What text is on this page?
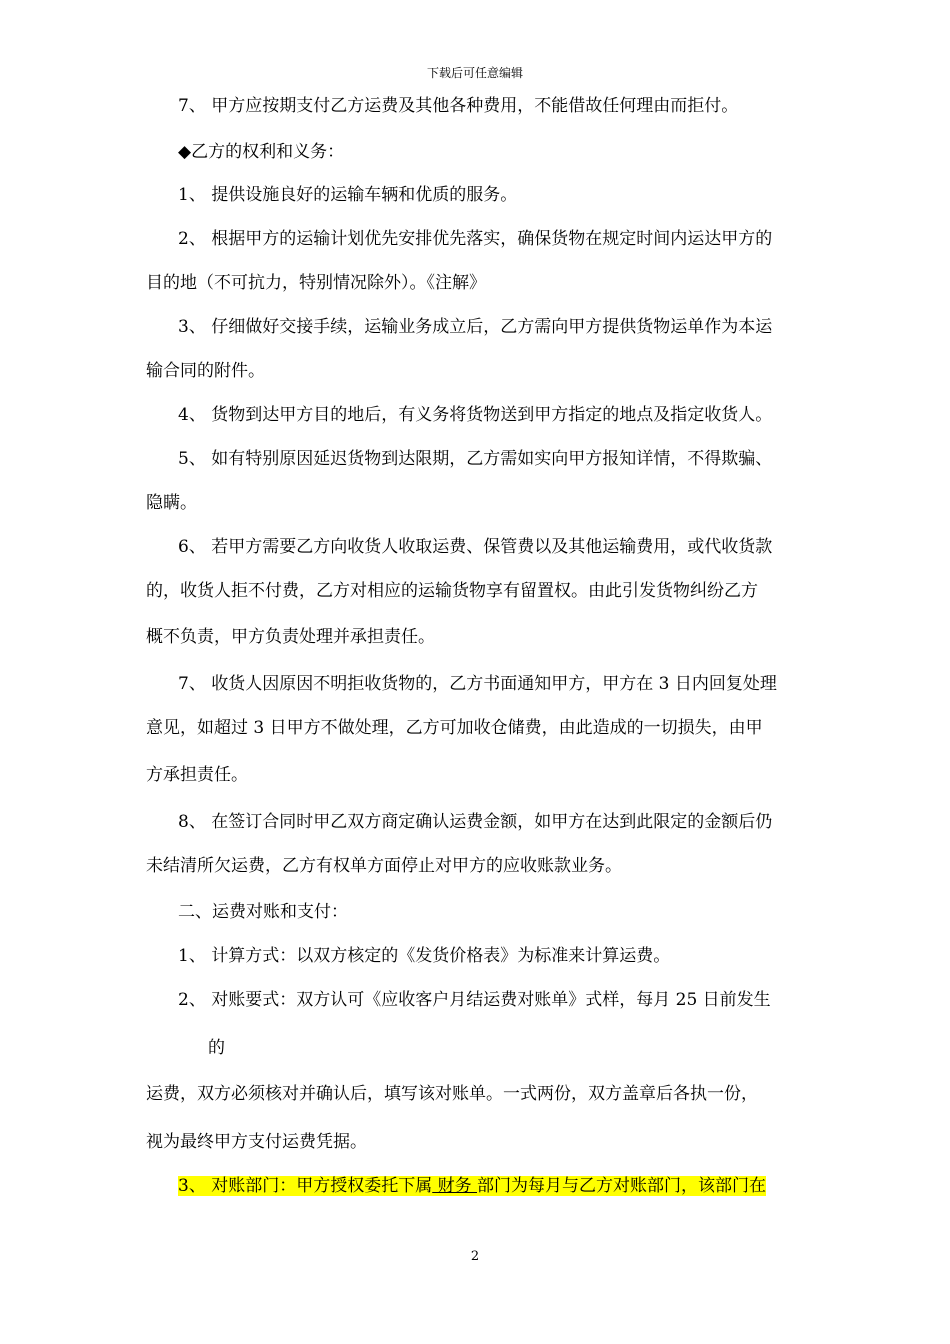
下载后可任意编辑
7、 甲方应按期支付乙方运费及其他各种费用，不能借故任何理由而拒付。
◆乙方的权利和义务：
1、 提供设施良好的运输车辆和优质的服务。
2、 根据甲方的运输计划优先安排优先落实，确保货物在规定时间内运达甲方的
目的地（不可抗力，特别情况除外）。《注解》
3、 仔细做好交接手续，运输业务成立后，乙方需向甲方提供货物运单作为本运
输合同的附件。
4、 货物到达甲方目的地后，有义务将货物送到甲方指定的地点及指定收货人。
5、 如有特别原因延迟货物到达限期，乙方需如实向甲方报知详情，不得欺骗、
隐瞒。
6、 若甲方需要乙方向收货人收取运费、保管费以及其他运输费用，或代收货款
的，收货人拒不付费，乙方对相应的运输货物享有留置权。由此引发货物纠纷乙方
概不负责，甲方负责处理并承担责任。
7、 收货人因原因不明拒收货物的，乙方书面通知甲方，甲方在 3 日内回复处理
意见，如超过 3 日甲方不做处理，乙方可加收仓储费，由此造成的一切损失，由甲
方承担责任。
8、 在签订合同时甲乙双方商定确认运费金额，如甲方在达到此限定的金额后仍
未结清所欠运费，乙方有权单方面停止对甲方的应收账款业务。
二、运费对账和支付：
1、 计算方式：以双方核定的《发货价格表》为标准来计算运费。
2、 对账要式：双方认可《应收客户月结运费对账单》式样，每月 25 日前发生
的
运费，双方必须核对并确认后，填写该对账单。一式两份，双方盖章后各执一份，
视为最终甲方支付运费凭据。
3、 对账部门：甲方授权委托下属 财务 部门为每月与乙方对账部门，该部门在
2
